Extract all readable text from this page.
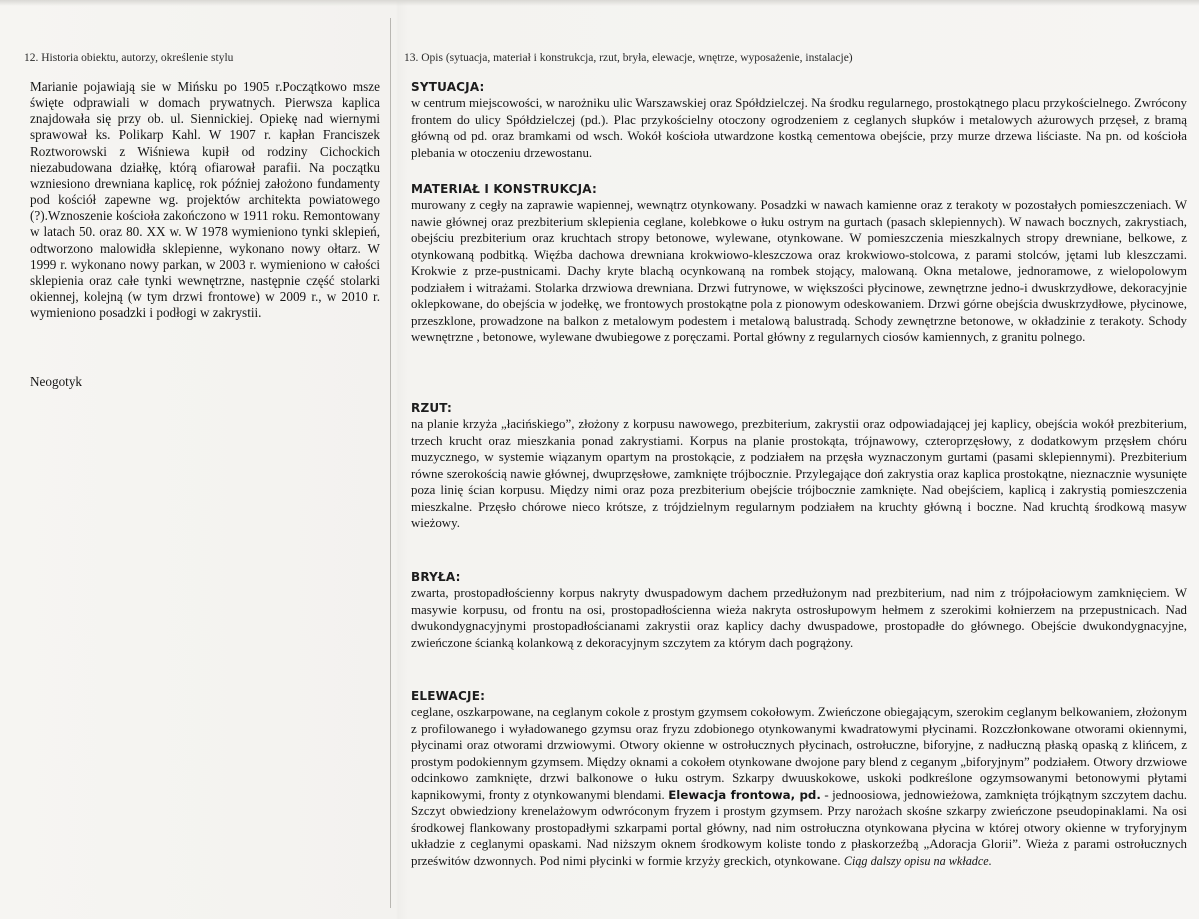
12. Historia obiektu, autorzy, określenie stylu	13. Opis (sytuacja, materiał i konstrukcja, rzut, bryła, elewacje, wnętrze, wyposażenie, instalacje)
Marianie pojawiają sie w Mińsku po 1905 r.Początkowo msze święte odprawiali w domach prywatnych. Pierwsza kaplica znajdowała się przy ob. ul. Siennickiej. Opiekę nad wiernymi sprawował ks. Polikarp Kahl. W 1907 r. kapłan Franciszek Roztworowski z Wiśniewa kupił od rodziny Cichockich niezabudowana działkę, którą ofiarował parafii. Na początku wzniesiono drewniana kaplicę, rok później założono fundamenty pod kościół zapewne wg. projektów architekta powiatowego (?).Wznoszenie kościoła zakończono w 1911 roku. Remontowany w latach 50. oraz 80. XX w. W 1978 wymieniono tynki sklepień, odtworzono malowidła sklepienne, wykonano nowy ołtarz. W 1999 r. wykonano nowy parkan, w 2003 r. wymieniono w całości sklepienia oraz całe tynki wewnętrzne, następnie część stolarki okiennej, kolejną (w tym drzwi frontowe) w 2009 r., w 2010 r. wymieniono posadzki i podłogi w zakrystii.
Neogotyk
SYTUACJA:
w centrum miejscowości, w narożniku ulic Warszawskiej oraz Spółdzielczej. Na środku regularnego, prostokątnego placu przykościelnego. Zwrócony frontem do ulicy Spółdzielczej (pd.). Plac przykościelny otoczony ogrodzeniem z ceglanych słupków i metalowych ażurowych przęseł, z bramą główną od pd. oraz bramkami od wsch. Wokół kościoła utwardzone kostką cementowa obejście, przy murze drzewa liściaste. Na pn. od kościoła plebania w otoczeniu drzewostanu.
MATERIAŁ I KONSTRUKCJA:
murowany z cegły na zaprawie wapiennej, wewnątrz otynkowany. Posadzki w nawach kamienne oraz z terakoty w pozostałych pomieszczeniach. W nawie głównej oraz prezbiterium sklepienia ceglane, kolebkowe o łuku ostrym na gurtach (pasach sklepiennych). W nawach bocznych, zakrystiach, obejściu prezbiterium oraz kruchtach stropy betonowe, wylewane, otynkowane. W pomieszczenia mieszkalnych stropy drewniane, belkowe, z otynkowaną podbitką. Więźba dachowa drewniana krokwiowo-kleszczowa oraz krokwiowo-stolcowa, z parami stolców, jętami lub kleszczami. Krokwie z prze-pustnicami. Dachy kryte blachą ocynkowaną na rombek stojący, malowaną. Okna metalowe, jednoramowe, z wielopolowym podziałem i witrażami. Stolarka drzwiowa drewniana. Drzwi futrynowe, w większości płycinowe, zewnętrzne jedno-i dwuskrzydłowe, dekoracyjnie oklepkowane, do obejścia w jodełkę, we frontowych prostokątne pola z pionowym odeskowaniem. Drzwi górne obejścia dwuskrzydłowe, płycinowe, przeszklone, prowadzone na balkon z metalowym podestem i metalową balustradą. Schody zewnętrzne betonowe, w okładzinie z terakoty. Schody wewnętrzne , betonowe, wylewane dwubiegowe z poręczami. Portal główny z regularnych ciosów kamiennych, z granitu polnego.
RZUT:
na planie krzyża „łacińskiego”, złożony z korpusu nawowego, prezbiterium, zakrystii oraz odpowiadającej jej kaplicy, obejścia wokół prezbiterium, trzech krucht oraz mieszkania ponad zakrystiami. Korpus na planie prostokąta, trójnawowy, czteroprzęsłowy, z dodatkowym przęsłem chóru muzycznego, w systemie wiązanym opartym na prostokącie, z podziałem na przęsła wyznaczonym gurtami (pasami sklepiennymi). Prezbiterium równe szerokością nawie głównej, dwuprzęsłowe, zamknięte trójbocznie. Przylegające doń zakrystia oraz kaplica prostokątne, nieznacznie wysunięte poza linię ścian korpusu. Między nimi oraz poza prezbiterium obejście trójbocznie zamknięte. Nad obejściem, kaplicą i zakrystią pomieszczenia mieszkalne. Przęsło chórowe nieco krótsze, z trójdzielnym regularnym podziałem na kruchty główną i boczne. Nad kruchtą środkową masyw wieżowy.
BRYŁA:
zwarta, prostopadłościenny korpus nakryty dwuspadowym dachem przedłużonym nad prezbiterium, nad nim z trójpołaciowym zamknięciem. W masywie korpusu, od frontu na osi, prostopadłościenna wieża nakryta ostrosłupowym hełmem z szerokimi kołnierzem na przepustnicach. Nad dwukondygnacyjnymi prostopadłościanami zakrystii oraz kaplicy dachy dwuspadowe, prostopadłe do głównego. Obejście dwukondygnacyjne, zwieńczone ścianką kolankową z dekoracyjnym szczytem za którym dach pogrążony.
ELEWACJE:
ceglane, oszkarpowane, na ceglanym cokole z prostym gzymsem cokołowym. Zwieńczone obiegającym, szerokim ceglanym belkowaniem, złożonym z profilowanego i wyładowanego gzymsu oraz fryzu zdobionego otynkowanymi kwadratowymi płycinami. Rozczłonkowane otworami okiennymi, płycinami oraz otworami drzwiowymi. Otwory okienne w ostrołucznych płycinach, ostrołuczne, biforyjne, z nadłuczną płaską opaską z klińcem, z prostym podokiennym gzymsem. Między oknami a cokołem otynkowane dwojone pary blend z ceganym „biforyjnym” podziałem. Otwory drzwiowe odcinkowo zamknięte, drzwi balkonowe o łuku ostrym. Szkarpy dwuuskokowe, uskoki podkreślone ogzymsowanymi betonowymi płytami kapnikowymi, fronty z otynkowanymi blendami. Elewacja frontowa, pd. - jednoosiowa, jednowieżowa, zamknięta trójkątnym szczytem dachu. Szczyt obwiedziony krenelażowym odwróconym fryzem i prostym gzymsem. Przy narożach skośne szkarpy zwieńczone pseudopinaklami. Na osi środkowej flankowany prostopadłymi szkarpami portal główny, nad nim ostrołuczna otynkowana płycina w której otwory okienne w tryforyjnym układzie z ceglanymi opaskami. Nad niższym oknem środkowym koliste tondo z płaskorzeźbą „Adoracja Glorii”. Wieża z parami ostrołucznych prześwitów dzwonnych. Pod nimi płycinki w formie krzyży greckich, otynkowane. Ciąg dalszy opisu na wkładce.
